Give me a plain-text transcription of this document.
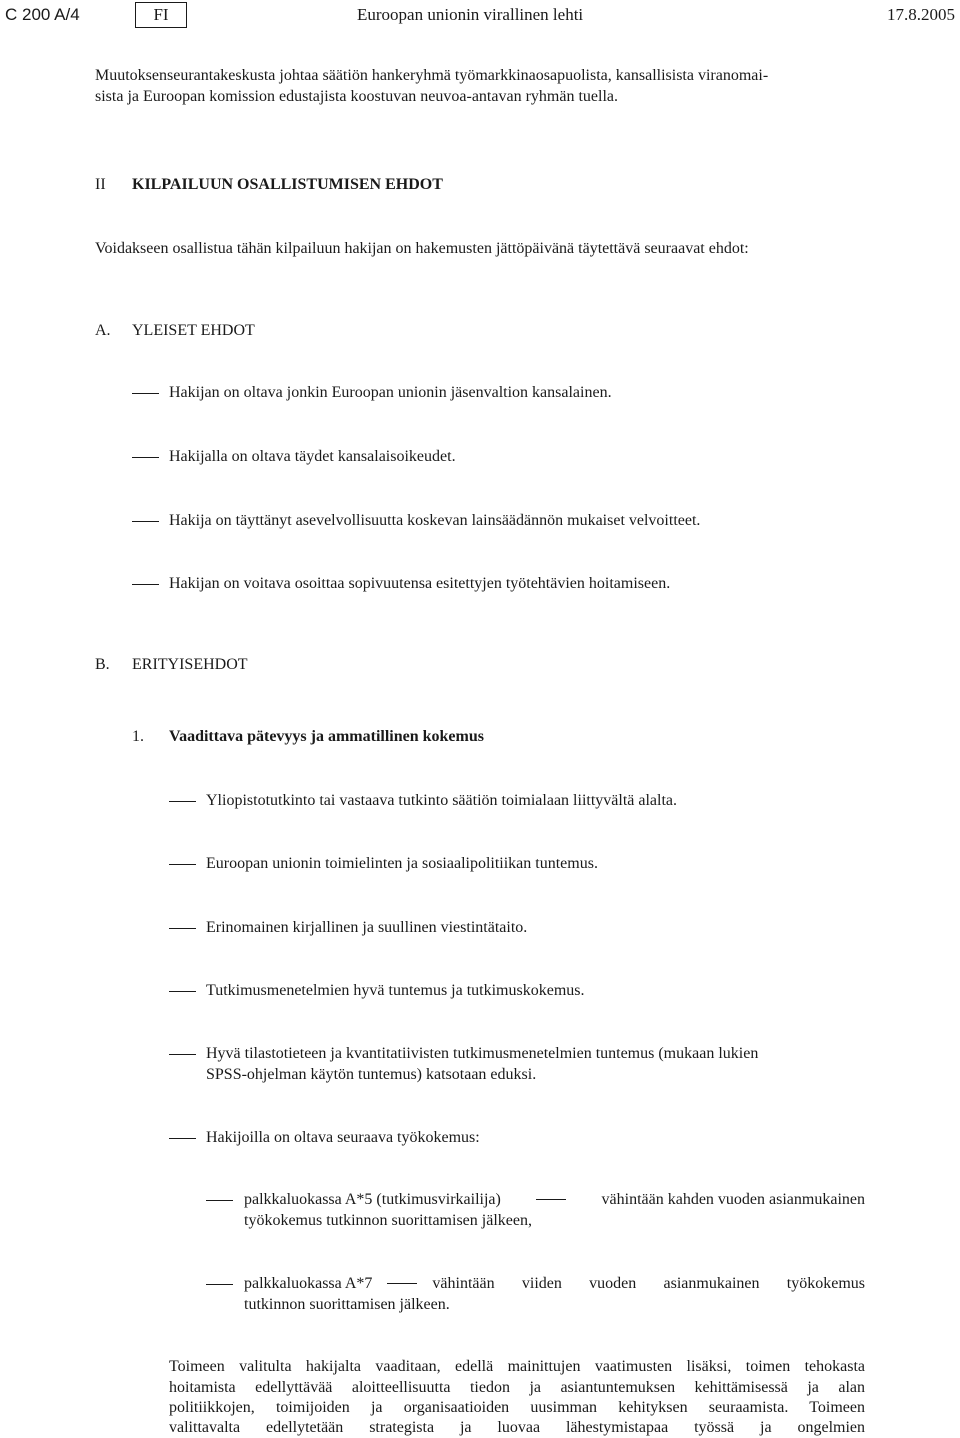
C 200 A/4	FI	Euroopan unionin virallinen lehti	17.8.2005
Muutoksenseurantakeskusta johtaa säätiön hankeryhmä työmarkkinaosapuolista, kansallisista viranomai-
sista ja Euroopan komission edustajista koostuvan neuvoa-antavan ryhmän tuella.
II KILPAILUUN OSALLISTUMISEN EHDOT
Voidakseen osallistua tähän kilpailuun hakijan on hakemusten jättöpäivänä täytettävä seuraavat ehdot:
A. YLEISET EHDOT
Hakijan on oltava jonkin Euroopan unionin jäsenvaltion kansalainen.
Hakijalla on oltava täydet kansalaisoikeudet.
Hakija on täyttänyt asevelvollisuutta koskevan lainsäädännön mukaiset velvoitteet.
Hakijan on voitava osoittaa sopivuutensa esitettyjen työtehtävien hoitamiseen.
B. ERITYISEHDOT
1. Vaadittava pätevyys ja ammatillinen kokemus
Yliopistotutkinto tai vastaava tutkinto säätiön toimialaan liittyvältä alalta.
Euroopan unionin toimielinten ja sosiaalipolitiikan tuntemus.
Erinomainen kirjallinen ja suullinen viestintätaito.
Tutkimusmenetelmien hyvä tuntemus ja tutkimuskokemus.
Hyvä tilastotieteen ja kvantitatiivisten tutkimusmenetelmien tuntemus (mukaan lukien
SPSS-ohjelman käytön tuntemus) katsotaan eduksi.
Hakijoilla on oltava seuraava työkokemus:
palkkaluokassa A*5 (tutkimusvirkailija)	vähintään kahden vuoden asianmukainen
työkokemus tutkinnon suorittamisen jälkeen,
palkkaluokassa A*7	vähintään viiden vuoden asianmukainen työkokemus
tutkinnon suorittamisen jälkeen.
Toimeen valitulta hakijalta vaaditaan, edellä mainittujen vaatimusten lisäksi, toimen tehokasta
hoitamista edellyttävää aloitteellisuutta tiedon ja asiantuntemuksen kehittämisessä ja alan
politiikkojen, toimijoiden ja organisaatioiden uusimman kehityksen seuraamista. Toimeen
valittavalta edellytetään strategista ja luovaa lähestymistapaa työssä ja ongelmien
